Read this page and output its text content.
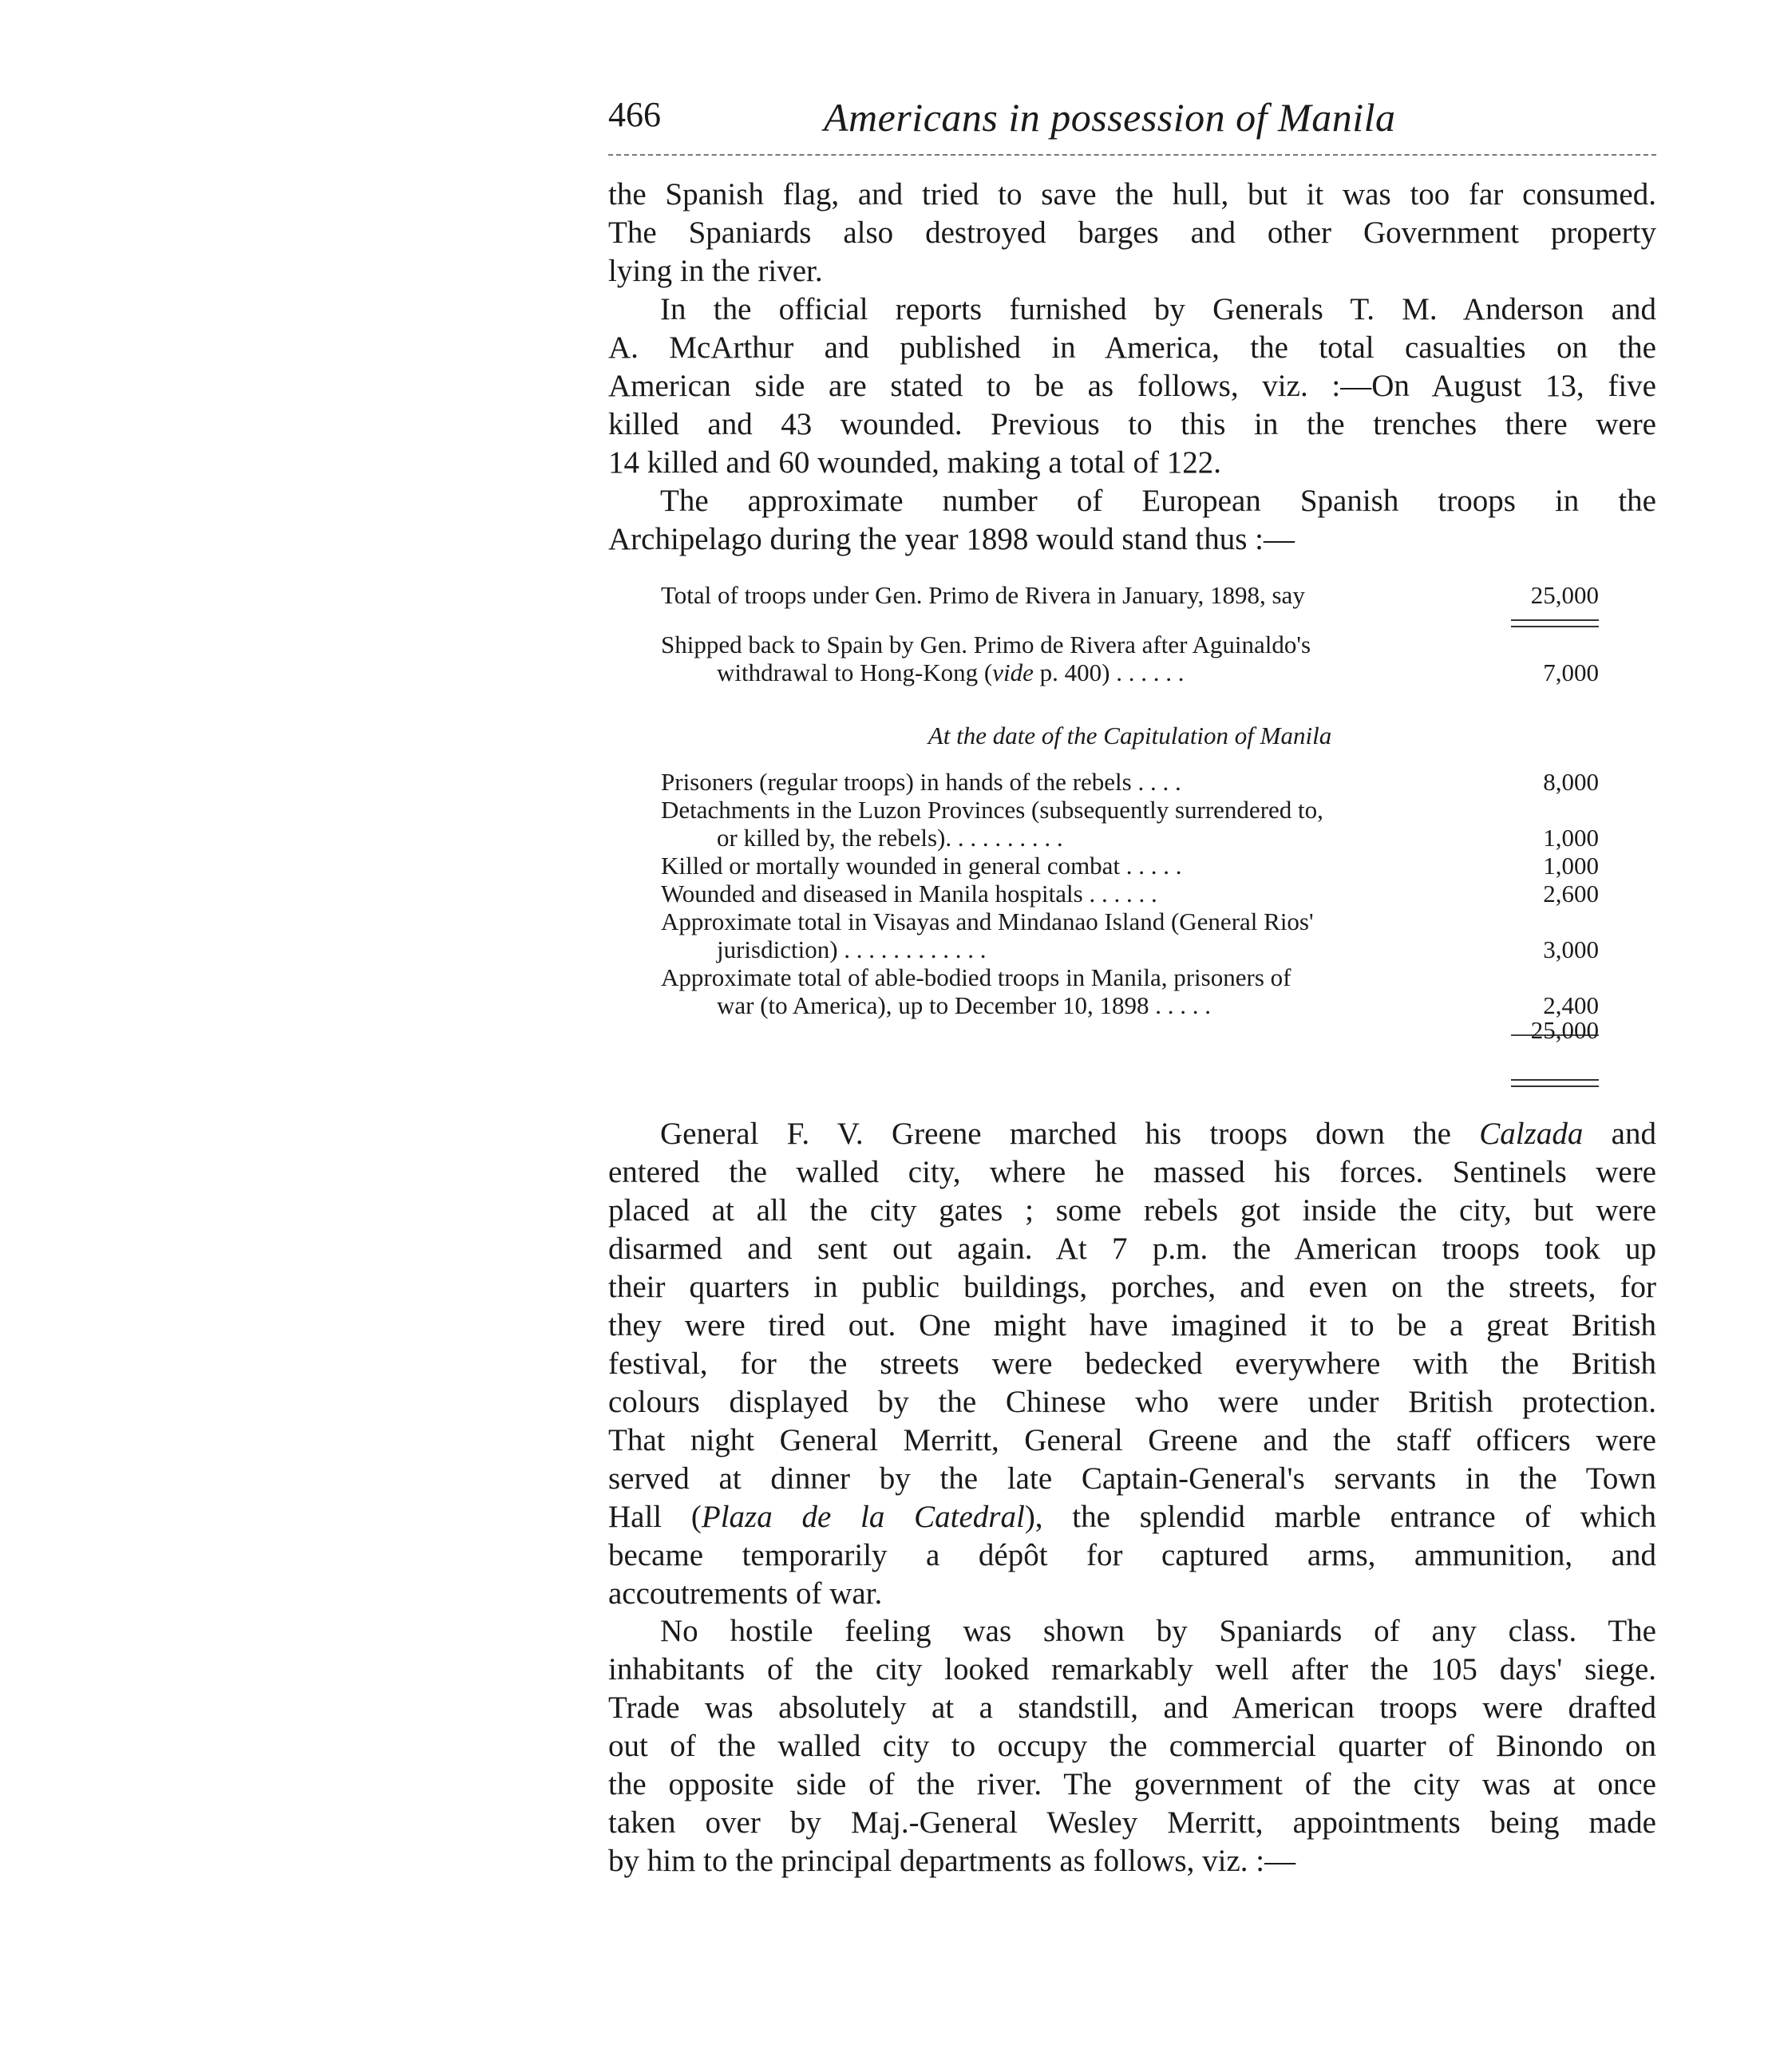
466	Americans in possession of Manila
the Spanish flag, and tried to save the hull, but it was too far consumed.
The Spaniards also destroyed barges and other Government property
lying in the river.
In the official reports furnished by Generals T. M. Anderson and
A. McArthur and published in America, the total casualties on the
American side are stated to be as follows, viz. :—On August 13, five
killed and 43 wounded. Previous to this in the trenches there were
14 killed and 60 wounded, making a total of 122.
The approximate number of European Spanish troops in the
Archipelago during the year 1898 would stand thus :—
Total of troops under Gen. Primo de Rivera in January, 1898, say	25,000
Shipped back to Spain by Gen. Primo de Rivera after Aguinaldo's
withdrawal to Hong-Kong (vide p. 400) . . . . . .	7,000
At the date of the Capitulation of Manila
Prisoners (regular troops) in hands of the rebels . . . .	8,000
Detachments in the Luzon Provinces (subsequently surrendered to,
or killed by, the rebels). . . . . . . . . .	1,000
Killed or mortally wounded in general combat . . . . .	1,000
Wounded and diseased in Manila hospitals . . . . . .	2,600
Approximate total in Visayas and Mindanao Island (General Rios'
jurisdiction) . . . . . . . . . . . .	3,000
Approximate total of able-bodied troops in Manila, prisoners of
war (to America), up to December 10, 1898 . . . . .	2,400
25,000
General F. V. Greene marched his troops down the Calzada and
entered the walled city, where he massed his forces. Sentinels were
placed at all the city gates ; some rebels got inside the city, but were
disarmed and sent out again. At 7 p.m. the American troops took up
their quarters in public buildings, porches, and even on the streets, for
they were tired out. One might have imagined it to be a great British
festival, for the streets were bedecked everywhere with the British
colours displayed by the Chinese who were under British protection.
That night General Merritt, General Greene and the staff officers were
served at dinner by the late Captain-General's servants in the Town
Hall (Plaza de la Catedral), the splendid marble entrance of which
became temporarily a dépôt for captured arms, ammunition, and
accoutrements of war.
No hostile feeling was shown by Spaniards of any class. The
inhabitants of the city looked remarkably well after the 105 days' siege.
Trade was absolutely at a standstill, and American troops were drafted
out of the walled city to occupy the commercial quarter of Binondo on
the opposite side of the river. The government of the city was at once
taken over by Maj.-General Wesley Merritt, appointments being made
by him to the principal departments as follows, viz. :—
